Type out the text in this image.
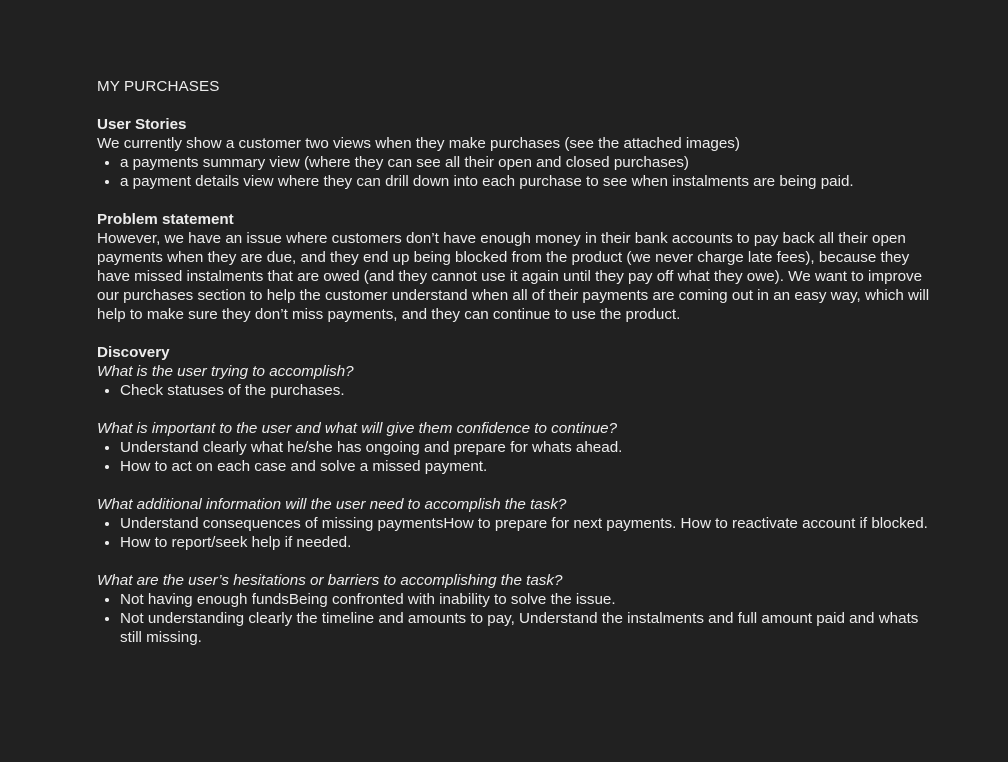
MY PURCHASES
User Stories

We currently show a customer two views when they make purchases (see the attached images)

• a payments summary view (where they can see all their open and closed purchases)
• a payment details view where they can drill down into each purchase to see when instalments are being paid.
Problem statement

However, we have an issue where customers don’t have enough money in their bank accounts to pay back all their open payments when they are due, and they end up being blocked from the product (we never charge late fees), because they have missed instalments that are owed (and they cannot use it again until they pay off what they owe). We want to improve our purchases section to help the customer understand when all of their payments are coming out in an easy way, which will help to make sure they don’t miss payments, and they can continue to use the product.

Discovery

What is the user trying to accomplish?

• Check statuses of the purchases.

What is important to the user and what will give them confidence to continue?

• Understand clearly what he/she has ongoing and prepare for whats ahead.
• How to act on each case and solve a missed payment.

What additional information will the user need to accomplish the task?

• Understand consequences of missing paymentsHow to prepare for next payments. How to reactivate account if blocked.
• How to report/seek help if needed.

What are the user’s hesitations or barriers to accomplishing the task?

• Not having enough fundsBeing confronted with inability to solve the issue.
• Not understanding clearly the timeline and amounts to pay, Understand the instalments and full amount paid and whats still missing.
